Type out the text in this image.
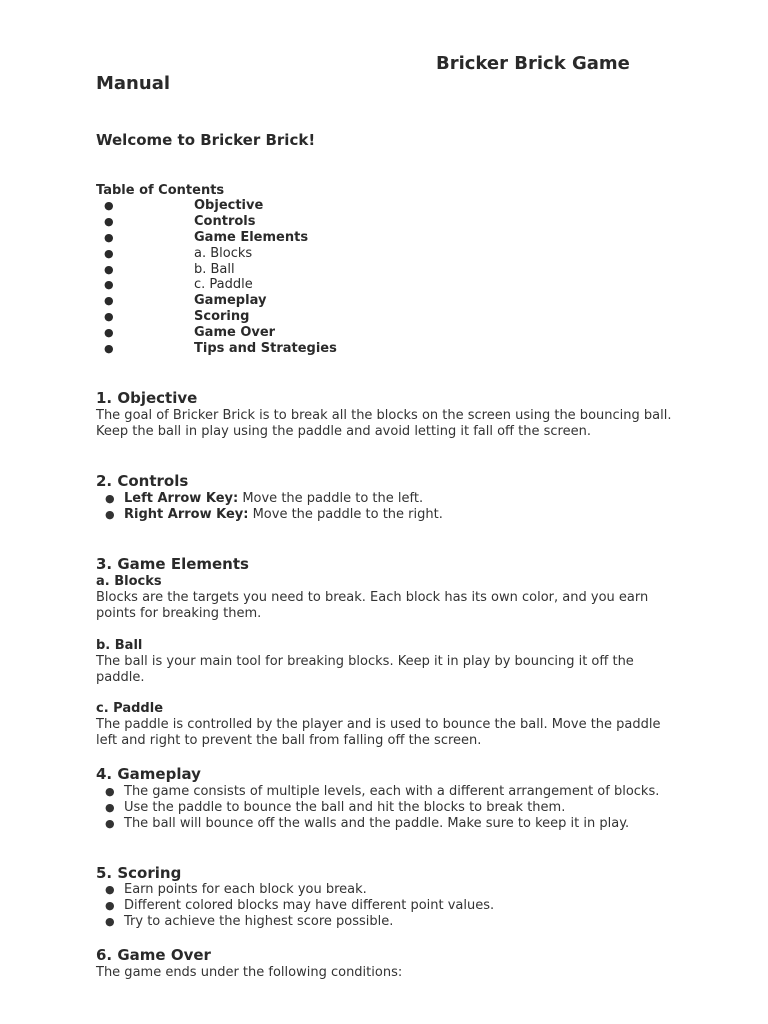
Bricker Brick Game
Manual
Welcome to Bricker Brick!
Table of Contents
●	Objective
●	Controls
●	Game Elements
●	a. Blocks
●	b. Ball
●	c. Paddle
●	Gameplay
●	Scoring
●	Game Over
●	Tips and Strategies
1. Objective
The goal of Bricker Brick is to break all the blocks on the screen using the bouncing ball. Keep the ball in play using the paddle and avoid letting it fall off the screen.
2. Controls
● Left Arrow Key: Move the paddle to the left.
● Right Arrow Key: Move the paddle to the right.
3. Game Elements
a. Blocks
Blocks are the targets you need to break. Each block has its own color, and you earn points for breaking them.
b. Ball
The ball is your main tool for breaking blocks. Keep it in play by bouncing it off the paddle.
c. Paddle
The paddle is controlled by the player and is used to bounce the ball. Move the paddle left and right to prevent the ball from falling off the screen.
4. Gameplay
● The game consists of multiple levels, each with a different arrangement of blocks.
● Use the paddle to bounce the ball and hit the blocks to break them.
● The ball will bounce off the walls and the paddle. Make sure to keep it in play.
5. Scoring
● Earn points for each block you break.
● Different colored blocks may have different point values.
● Try to achieve the highest score possible.
6. Game Over
The game ends under the following conditions:
